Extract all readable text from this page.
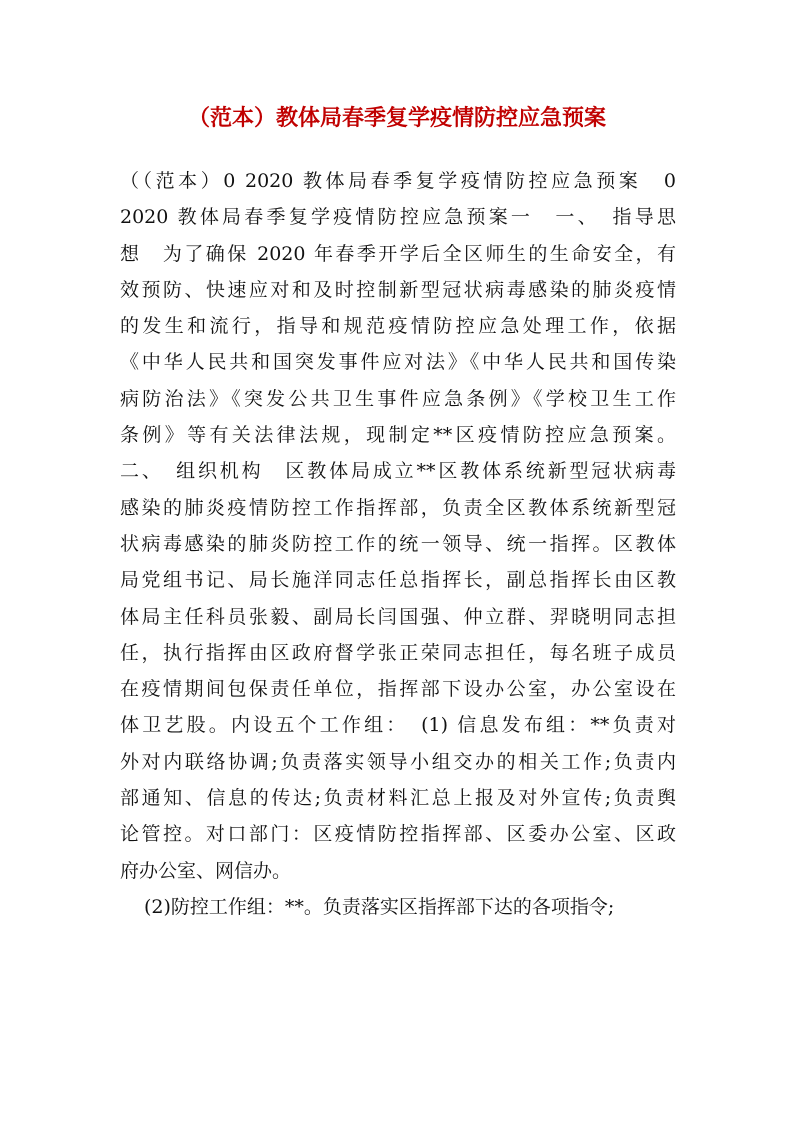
（范本）教体局春季复学疫情防控应急预案
（（范本）0 2020 教体局春季复学疫情防控应急预案　0
2020 教体局春季复学疫情防控应急预案一　一、　指导思
想　为了确保 2020 年春季开学后全区师生的生命安全，有
效预防、快速应对和及时控制新型冠状病毒感染的肺炎疫情
的发生和流行，指导和规范疫情防控应急处理工作，依据
《中华人民共和国突发事件应对法》《中华人民共和国传染
病防治法》《突发公共卫生事件应急条例》《学校卫生工作
条例》等有关法律法规，现制定**区疫情防控应急预案。
二、　组织机构　区教体局成立**区教体系统新型冠状病毒
感染的肺炎疫情防控工作指挥部，负责全区教体系统新型冠
状病毒感染的肺炎防控工作的统一领导、统一指挥。区教体
局党组书记、局长施洋同志任总指挥长，副总指挥长由区教
体局主任科员张毅、副局长闫国强、仲立群、羿晓明同志担
任，执行指挥由区政府督学张正荣同志担任，每名班子成员
在疫情期间包保责任单位，指挥部下设办公室，办公室设在
体卫艺股。内设五个工作组：　(1) 信息发布组：**负责对
外对内联络协调;负责落实领导小组交办的相关工作;负责内
部通知、信息的传达;负责材料汇总上报及对外宣传;负责舆
论管控。对口部门：区疫情防控指挥部、区委办公室、区政
府办公室、网信办。
(2)防控工作组：**。负责落实区指挥部下达的各项指令;
